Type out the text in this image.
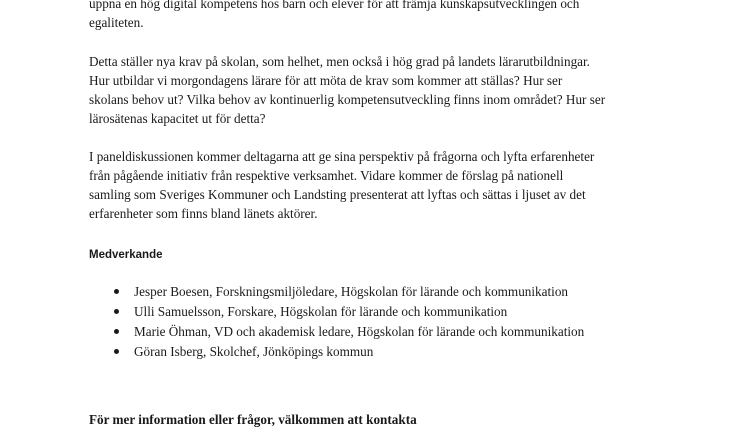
uppna en hög digital kompetens hos barn och elever för att främja kunskapsutvecklingen och
egaliteten.

Detta ställer nya krav på skolan, som helhet, men också i hög grad på landets lärarutbildningar.
Hur utbildar vi morgondagens lärare för att möta de krav som kommer att ställas? Hur ser
skolans behov ut? Vilka behov av kontinuerlig kompetensutveckling finns inom området? Hur ser
lärosätenas kapacitet ut för detta?

I paneldiskussionen kommer deltagarna att ge sina perspektiv på frågorna och lyfta erfarenheter
från pågående initiativ från respektive verksamhet. Vidare kommer de förslag på nationell
samling som Sveriges Kommuner och Landsting presenterat att lyftas och sättas i ljuset av det
erfarenheter som finns bland länets aktörer.

Medverkande
Jesper Boesen, Forskningsmiljöledare, Högskolan för lärande och kommunikation
Ulli Samuelsson, Forskare, Högskolan för lärande och kommunikation
Marie Öhman, VD och akademisk ledare, Högskolan för lärande och kommunikation
Göran Isberg, Skolchef, Jönköpings kommun

För mer information eller frågor, välkommen att kontakta
